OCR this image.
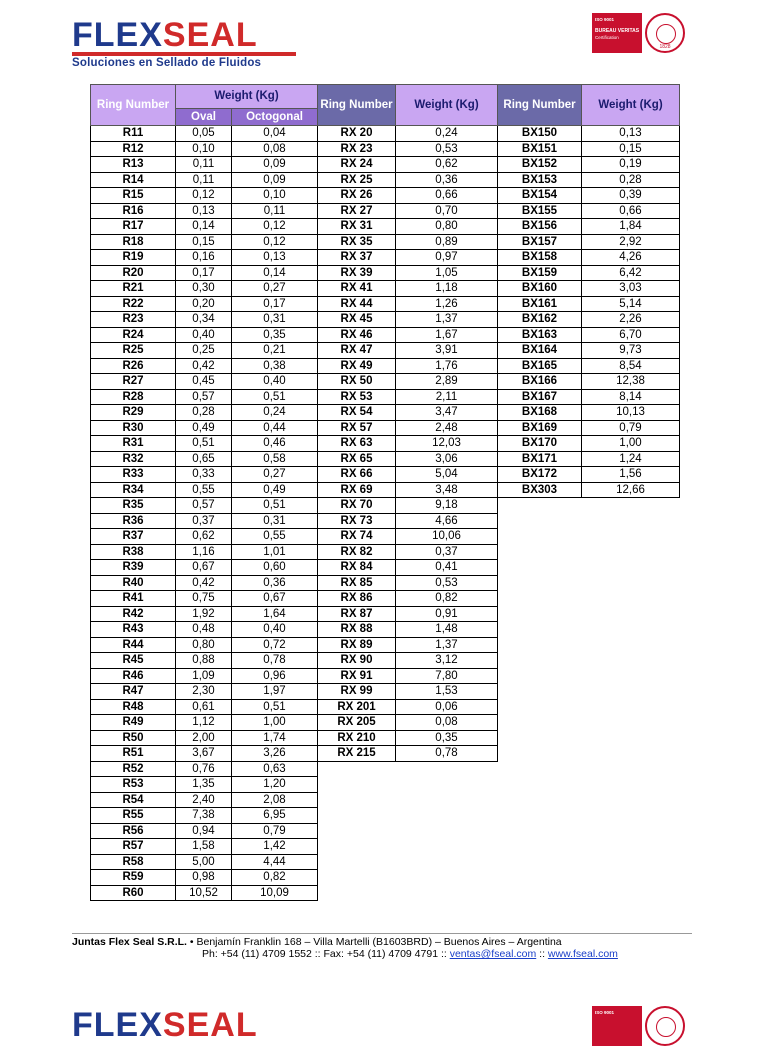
FLEXSEAL
Soluciones en Sellado de Fluidos
ISO 9001
BUREAU VERITAS
Certification
1828
Ring Number	Weight (Kg)	
	Oval	Octogonal
R11	0,05	0,04
R12	0,10	0,08
R13	0,11	0,09
R14	0,11	0,09
R15	0,12	0,10
R16	0,13	0,11
R17	0,14	0,12
R18	0,15	0,12
R19	0,16	0,13
R20	0,17	0,14
R21	0,30	0,27
R22	0,20	0,17
R23	0,34	0,31
R24	0,40	0,35
R25	0,25	0,21
R26	0,42	0,38
R27	0,45	0,40
R28	0,57	0,51
R29	0,28	0,24
R30	0,49	0,44
R31	0,51	0,46
R32	0,65	0,58
R33	0,33	0,27
R34	0,55	0,49
R35	0,57	0,51
R36	0,37	0,31
R37	0,62	0,55
R38	1,16	1,01
R39	0,67	0,60
R40	0,42	0,36
R41	0,75	0,67
R42	1,92	1,64
R43	0,48	0,40
R44	0,80	0,72
R45	0,88	0,78
R46	1,09	0,96
R47	2,30	1,97
R48	0,61	0,51
R49	1,12	1,00
R50	2,00	1,74
R51	3,67	3,26
R52	0,76	0,63
R53	1,35	1,20
R54	2,40	2,08
R55	7,38	6,95
R56	0,94	0,79
R57	1,58	1,42
R58	5,00	4,44
R59	0,98	0,82
R60	10,52	10,09
Ring Number	Weight (Kg)
RX 20	0,24
RX 23	0,53
RX 24	0,62
RX 25	0,36
RX 26	0,66
RX 27	0,70
RX 31	0,80
RX 35	0,89
RX 37	0,97
RX 39	1,05
RX 41	1,18
RX 44	1,26
RX 45	1,37
RX 46	1,67
RX 47	3,91
RX 49	1,76
RX 50	2,89
RX 53	2,11
RX 54	3,47
RX 57	2,48
RX 63	12,03
RX 65	3,06
RX 66	5,04
RX 69	3,48
RX 70	9,18
RX 73	4,66
RX 74	10,06
RX 82	0,37
RX 84	0,41
RX 85	0,53
RX 86	0,82
RX 87	0,91
RX 88	1,48
RX 89	1,37
RX 90	3,12
RX 91	7,80
RX 99	1,53
RX 201	0,06
RX 205	0,08
RX 210	0,35
RX 215	0,78
Ring Number	Weight (Kg)
BX150	0,13
BX151	0,15
BX152	0,19
BX153	0,28
BX154	0,39
BX155	0,66
BX156	1,84
BX157	2,92
BX158	4,26
BX159	6,42
BX160	3,03
BX161	5,14
BX162	2,26
BX163	6,70
BX164	9,73
BX165	8,54
BX166	12,38
BX167	8,14
BX168	10,13
BX169	0,79
BX170	1,00
BX171	1,24
BX172	1,56
BX303	12,66
Juntas Flex Seal S.R.L. • Benjamín Franklin 168 – Villa Martelli (B1603BRD) – Buenos Aires – Argentina
Ph: +54 (11) 4709 1552 :: Fax: +54 (11) 4709 4791 :: ventas@fseal.com :: www.fseal.com
FLEXSEAL	ISO 9001
